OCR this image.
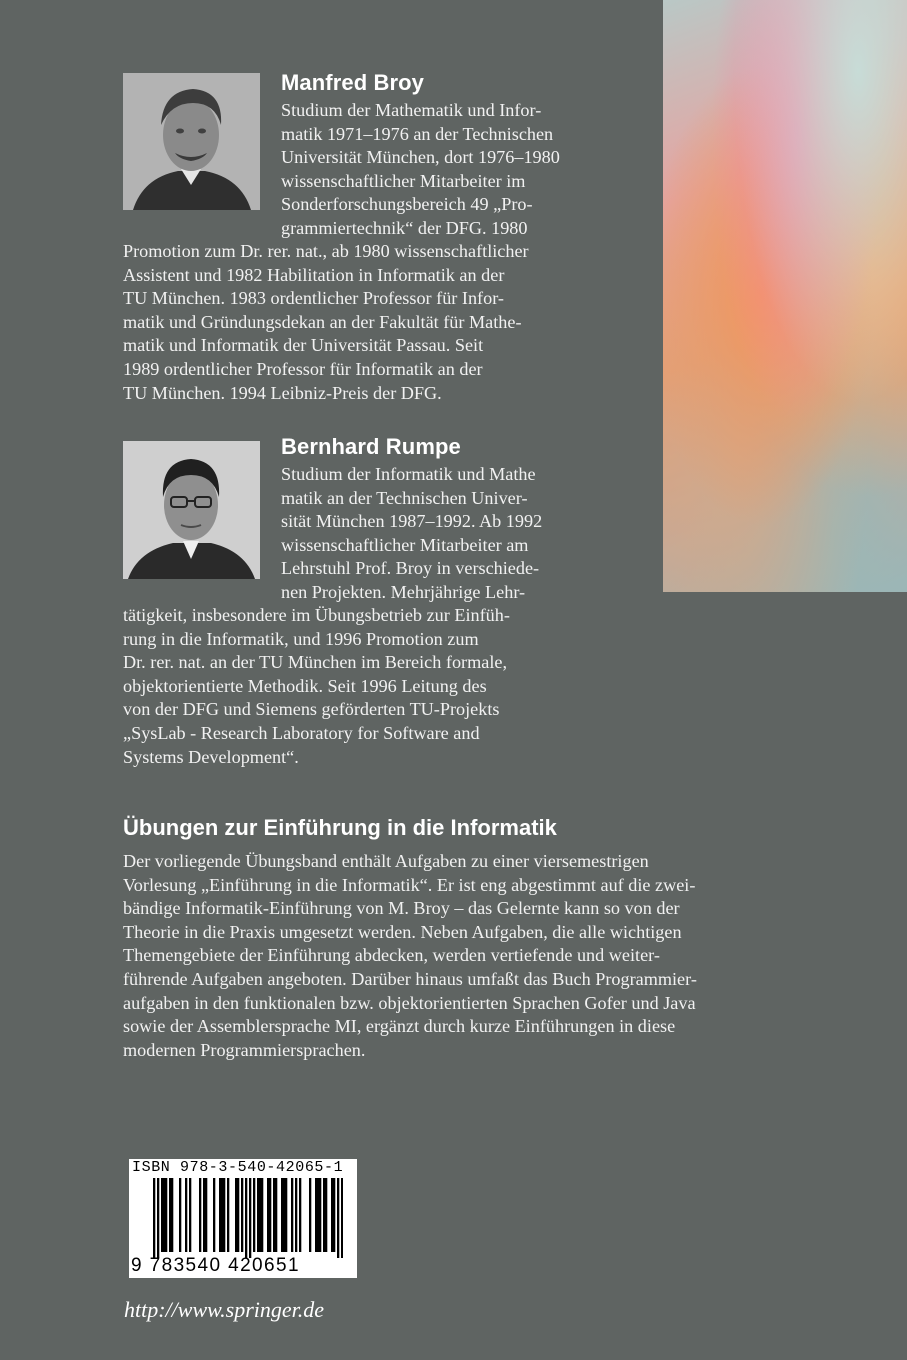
Manfred Broy
Studium der Mathematik und Infor-
matik 1971–1976 an der Technischen
Universität München, dort 1976–1980
wissenschaftlicher Mitarbeiter im
Sonderforschungsbereich 49 „Pro-
grammiertechnik“ der DFG. 1980
Promotion zum Dr. rer. nat., ab 1980 wissenschaftlicher
Assistent und 1982 Habilitation in Informatik an der
TU München. 1983 ordentlicher Professor für Infor-
matik und Gründungsdekan an der Fakultät für Mathe-
matik und Informatik der Universität Passau. Seit
1989 ordentlicher Professor für Informatik an der
TU München. 1994 Leibniz-Preis der DFG.
Bernhard Rumpe
Studium der Informatik und Mathe
matik an der Technischen Univer-
sität München 1987–1992. Ab 1992
wissenschaftlicher Mitarbeiter am
Lehrstuhl Prof. Broy in verschiede-
nen Projekten. Mehrjährige Lehr-
tätigkeit, insbesondere im Übungsbetrieb zur Einfüh-
rung in die Informatik, und 1996 Promotion zum
Dr. rer. nat. an der TU München im Bereich formale,
objektorientierte Methodik. Seit 1996 Leitung des
von der DFG und Siemens geförderten TU-Projekts
„SysLab - Research Laboratory for Software and
Systems Development“.
Übungen zur Einführung in die Informatik
Der vorliegende Übungsband enthält Aufgaben zu einer viersemestrigen
Vorlesung „Einführung in die Informatik“. Er ist eng abgestimmt auf die zwei-
bändige Informatik-Einführung von M. Broy – das Gelernte kann so von der
Theorie in die Praxis umgesetzt werden. Neben Aufgaben, die alle wichtigen
Themengebiete der Einführung abdecken, werden vertiefende und weiter-
führende Aufgaben angeboten. Darüber hinaus umfaßt das Buch Programmier-
aufgaben in den funktionalen bzw. objektorientierten Sprachen Gofer und Java
sowie der Assemblersprache MI, ergänzt durch kurze Einführungen in diese
modernen Programmiersprachen.
ISBN 978-3-540-42065-1
9 783540 420651
http://www.springer.de
